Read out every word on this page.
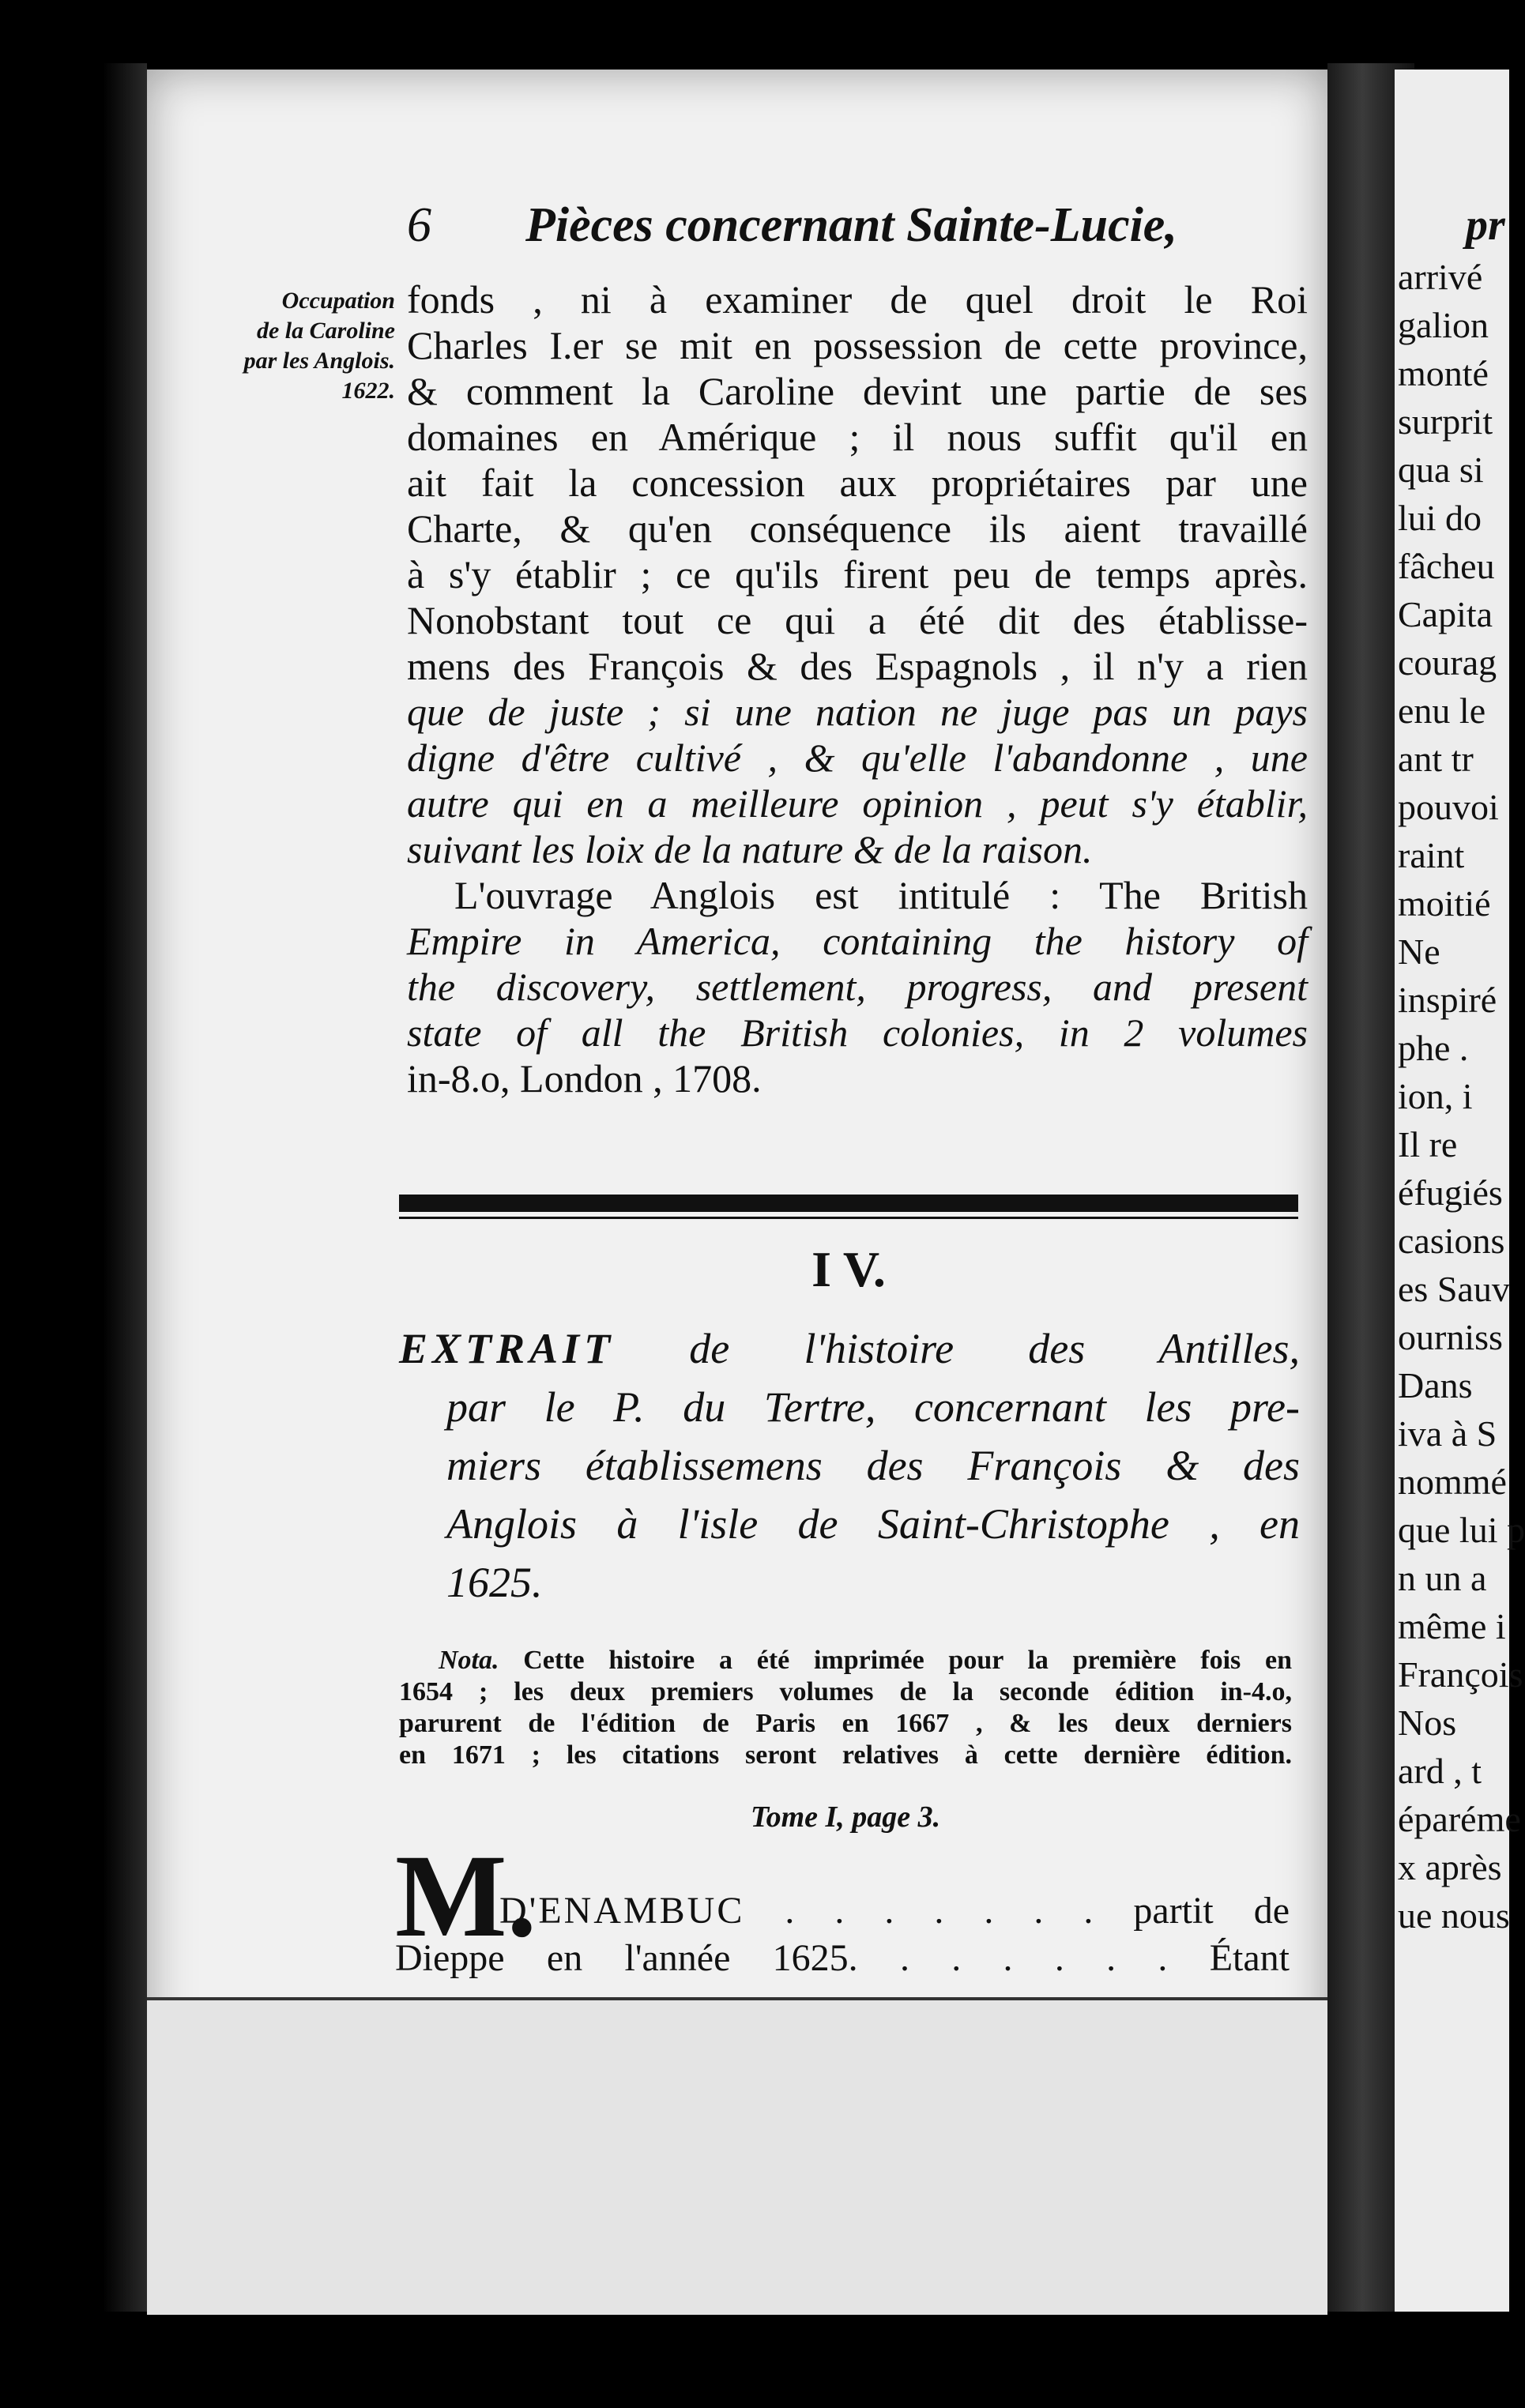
pr
arrivé
galion
monté
surprit
qua si
lui do
fâcheu
Capita
courag
enu le
ant tr
pouvoi
raint
moitié
Ne
inspiré
phe .
ion, i
Il re
éfugiés
casions
es Sauv
ourniss
Dans
iva à S
nommé
que lui p
n un a
même i
François
Nos
ard , t
éparéme
x après
ue nous
6 Pièces concernant Sainte-Lucie,
Occupation
de la Caroline
par les Anglois.
1622.
fonds , ni à examiner de quel droit le Roi
Charles I.er se mit en possession de cette province,
& comment la Caroline devint une partie de ses
domaines en Amérique ; il nous suffit qu'il en
ait fait la concession aux propriétaires par une
Charte, & qu'en conséquence ils aient travaillé
à s'y établir ; ce qu'ils firent peu de temps après.
Nonobstant tout ce qui a été dit des établisse-
mens des François & des Espagnols , il n'y a rien
que de juste ; si une nation ne juge pas un pays
digne d'être cultivé , & qu'elle l'abandonne , une
autre qui en a meilleure opinion , peut s'y établir,
suivant les loix de la nature & de la raison.
L'ouvrage Anglois est intitulé : The British
Empire in America, containing the history of
the discovery, settlement, progress, and present
state of all the British colonies, in 2 volumes
in-8.o, London , 1708.
I V.
EXTRAIT de l'histoire des Antilles,
par le P. du Tertre, concernant les pre-
miers établissemens des François & des
Anglois à l'isle de Saint-Christophe , en
1625.
Nota. Cette histoire a été imprimée pour la première fois en
1654 ; les deux premiers volumes de la seconde édition in-4.o,
parurent de l'édition de Paris en 1667 , & les deux derniers
en 1671 ; les citations seront relatives à cette dernière édition.
Tome I, page 3.
M.
D'ENAMBUC . . . . . . . partit de
Dieppe en l'année 1625. . . . . . . Étant
